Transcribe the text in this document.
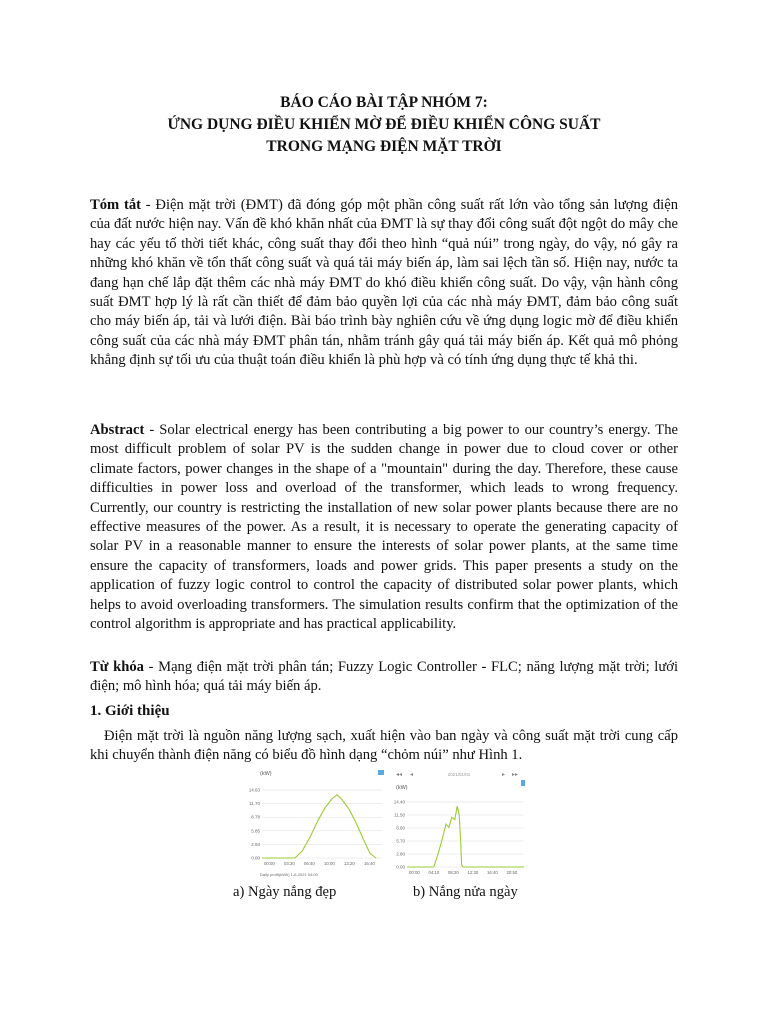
BÁO CÁO BÀI TẬP NHÓM 7:
ỨNG DỤNG ĐIỀU KHIỂN MỜ ĐỂ ĐIỀU KHIỂN CÔNG SUẤT
TRONG MẠNG ĐIỆN MẶT TRỜI
Tóm tắt - Điện mặt trời (ĐMT) đã đóng góp một phần công suất rất lớn vào tổng sản lượng điện của đất nước hiện nay. Vấn đề khó khăn nhất của ĐMT là sự thay đổi công suất đột ngột do mây che hay các yếu tố thời tiết khác, công suất thay đổi theo hình “quả núi” trong ngày, do vậy, nó gây ra những khó khăn về tổn thất công suất và quá tải máy biến áp, làm sai lệch tần số. Hiện nay, nước ta đang hạn chế lắp đặt thêm các nhà máy ĐMT do khó điều khiển công suất. Do vậy, vận hành công suất ĐMT hợp lý là rất cần thiết để đảm bảo quyền lợi của các nhà máy ĐMT, đảm bảo công suất cho máy biến áp, tải và lưới điện. Bài báo trình bày nghiên cứu về ứng dụng logic mờ để điều khiển công suất của các nhà máy ĐMT phân tán, nhằm tránh gây quá tải máy biến áp. Kết quả mô phỏng khẳng định sự tối ưu của thuật toán điều khiển là phù hợp và có tính ứng dụng thực tế khả thi.
Abstract - Solar electrical energy has been contributing a big power to our country’s energy. The most difficult problem of solar PV is the sudden change in power due to cloud cover or other climate factors, power changes in the shape of a "mountain" during the day. Therefore, these cause difficulties in power loss and overload of the transformer, which leads to wrong frequency. Currently, our country is restricting the installation of new solar power plants because there are no effective measures of the power. As a result, it is necessary to operate the generating capacity of solar PV in a reasonable manner to ensure the interests of solar power plants, at the same time ensure the capacity of transformers, loads and power grids. This paper presents a study on the application of fuzzy logic control to control the capacity of distributed solar power plants, which helps to avoid overloading transformers. The simulation results confirm that the optimization of the control algorithm is appropriate and has practical applicability.
Từ khóa - Mạng điện mặt trời phân tán; Fuzzy Logic Controller - FLC; năng lượng mặt trời; lưới điện; mô hình hóa; quá tải máy biến áp.
1. Giới thiệu
Điện mặt trời là nguồn năng lượng sạch, xuất hiện vào ban ngày và công suất mặt trời cung cấp khi chuyển thành điện năng có biểu đồ hình dạng “chỏm núi” như Hình 1.
(kW)
14.63
11.70
8.78
5.85
2.93
0.00
00:00 03:20 06:40 10:00 13:20 16:40
Daily profit(kWh) 1-6-2021 04:00
◂◂ ◂	▸ ▸▸
2021/01/01
(kW)
14.40
11.50
8.60
5.70
2.80
0.00
00:00 04:10 08:20 12:30 16:40 20:50
a) Ngày nắng đẹp	b) Nắng nửa ngày
